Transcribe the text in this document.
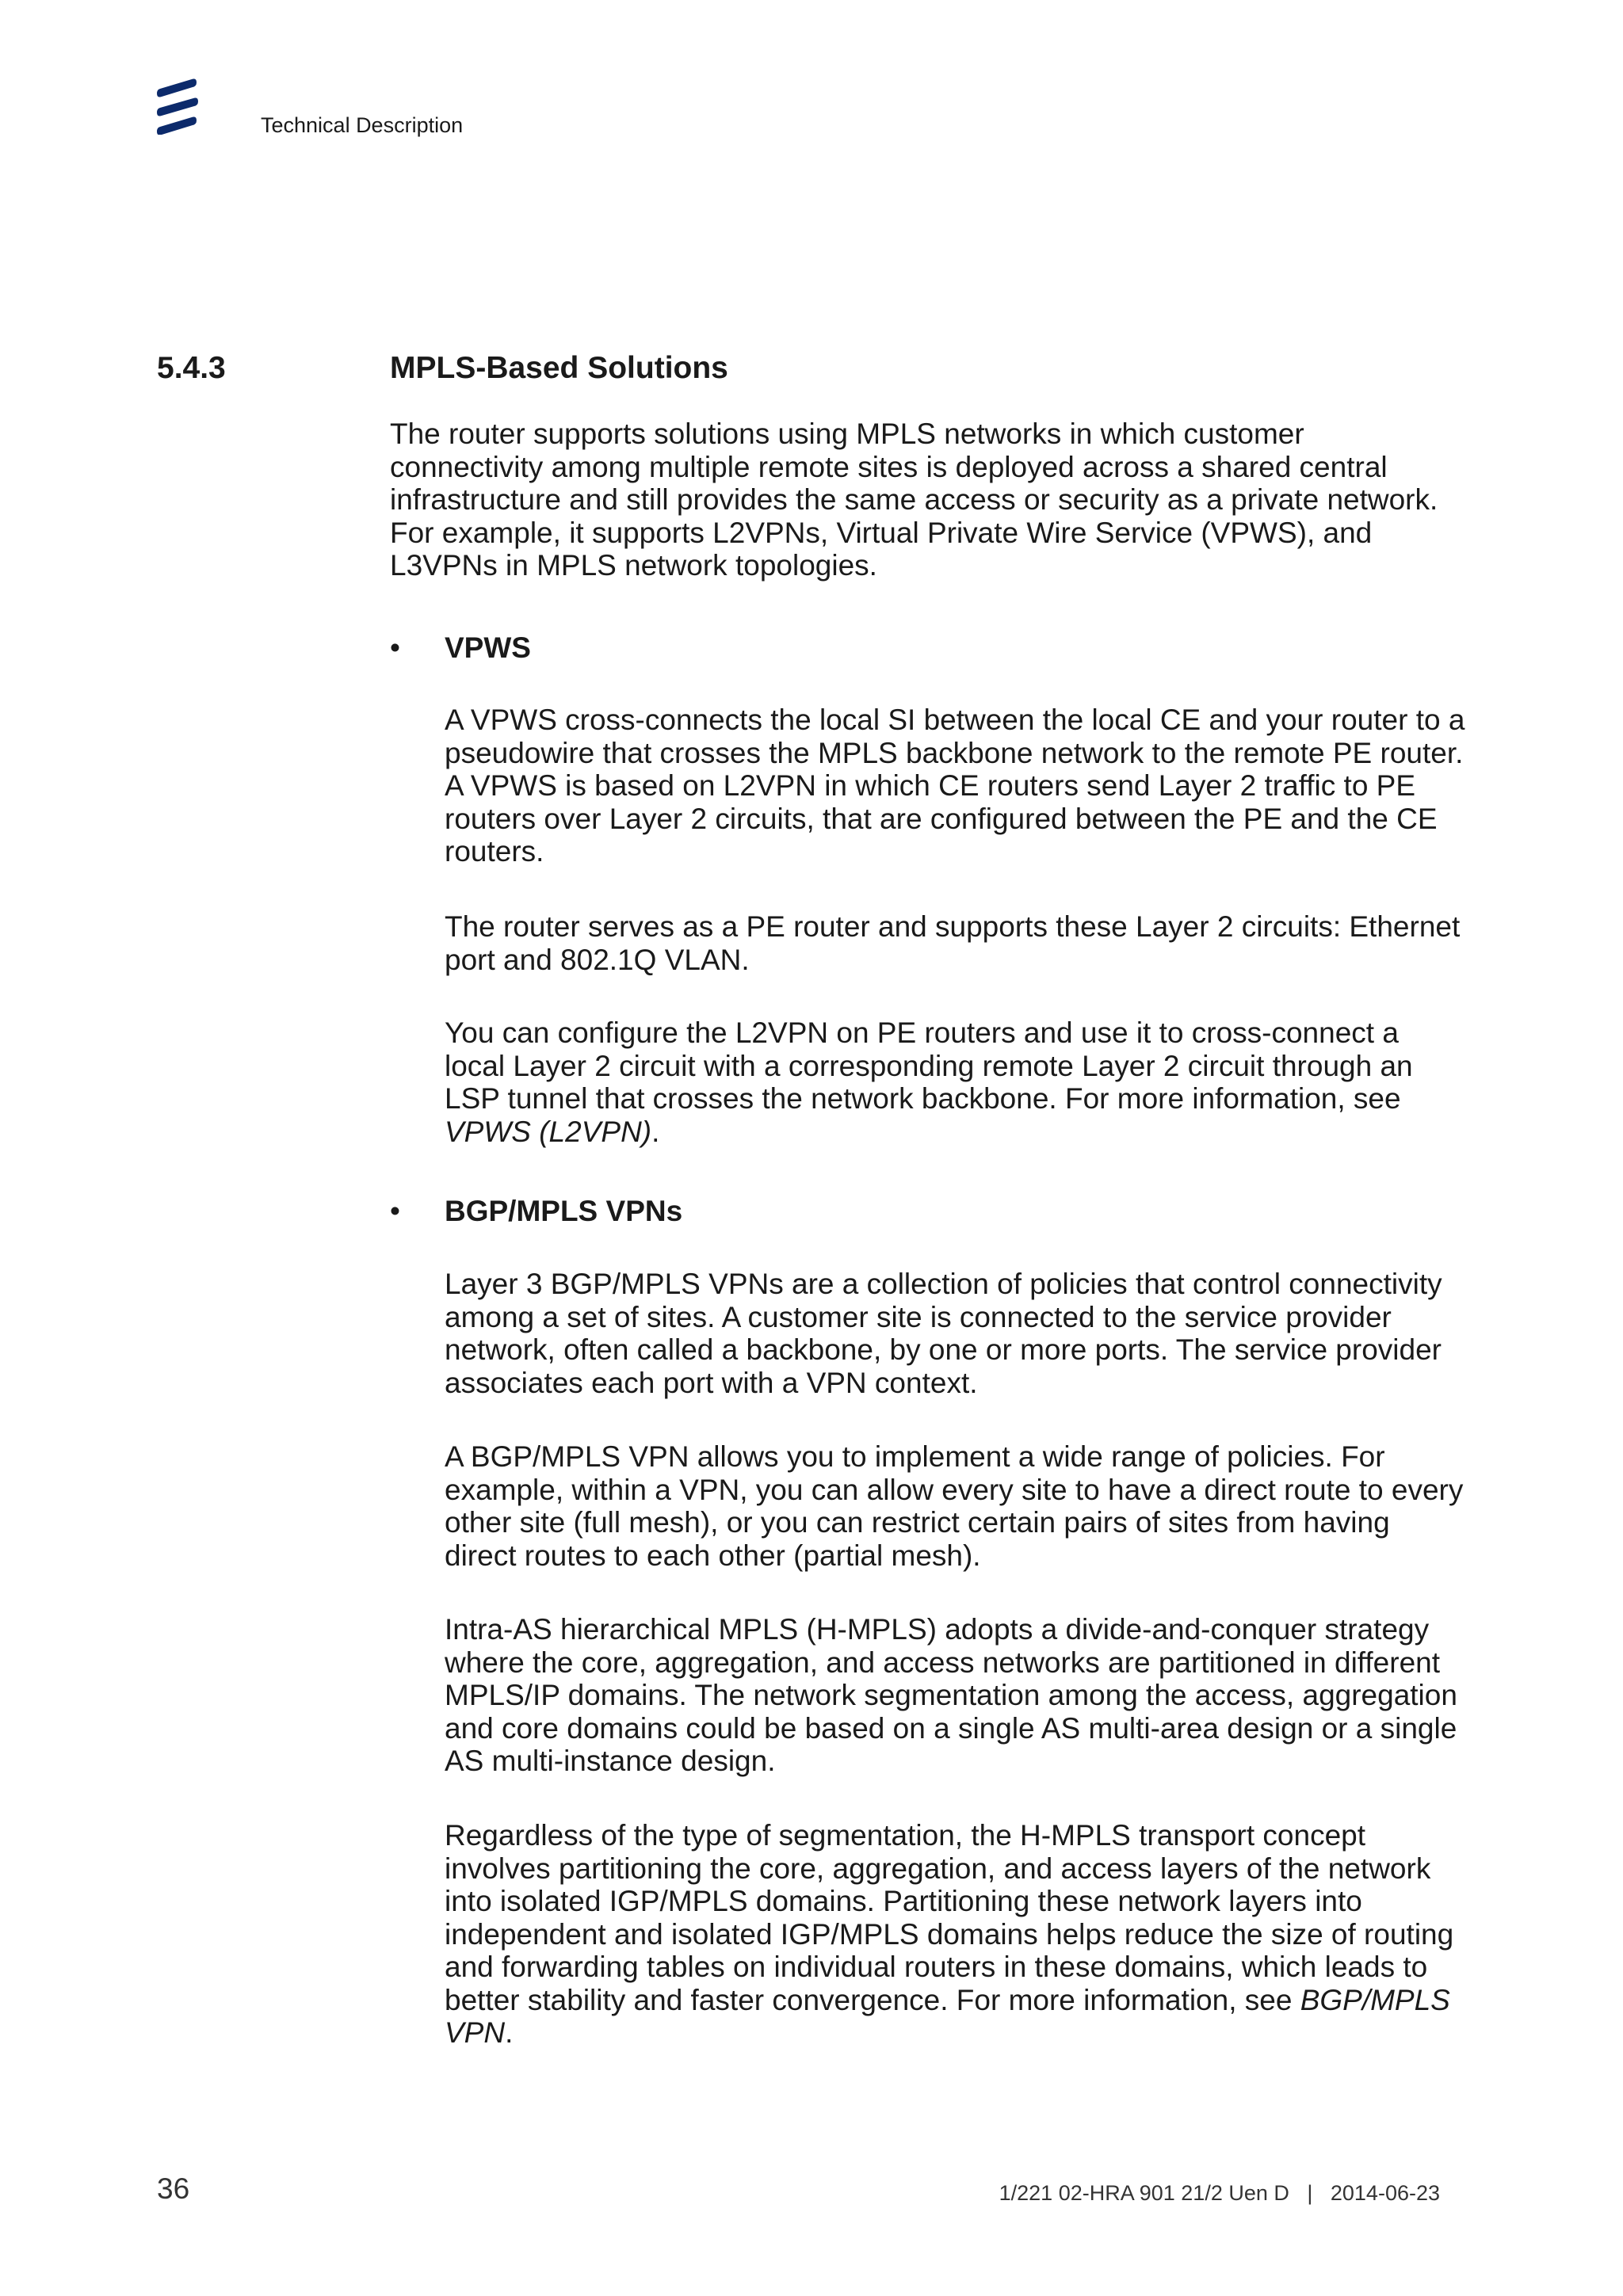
Technical Description
5.4.3	MPLS-Based Solutions

The router supports solutions using MPLS networks in which customer connectivity among multiple remote sites is deployed across a shared central infrastructure and still provides the same access or security as a private network. For example, it supports L2VPNs, Virtual Private Wire Service (VPWS), and L3VPNs in MPLS network topologies.

• VPWS

A VPWS cross-connects the local SI between the local CE and your router to a pseudowire that crosses the MPLS backbone network to the remote PE router. A VPWS is based on L2VPN in which CE routers send Layer 2 traffic to PE routers over Layer 2 circuits, that are configured between the PE and the CE routers.

The router serves as a PE router and supports these Layer 2 circuits: Ethernet port and 802.1Q VLAN.

You can configure the L2VPN on PE routers and use it to cross-connect a local Layer 2 circuit with a corresponding remote Layer 2 circuit through an LSP tunnel that crosses the network backbone. For more information, see VPWS (L2VPN).

• BGP/MPLS VPNs

Layer 3 BGP/MPLS VPNs are a collection of policies that control connectivity among a set of sites. A customer site is connected to the service provider network, often called a backbone, by one or more ports. The service provider associates each port with a VPN context.

A BGP/MPLS VPN allows you to implement a wide range of policies. For example, within a VPN, you can allow every site to have a direct route to every other site (full mesh), or you can restrict certain pairs of sites from having direct routes to each other (partial mesh).

Intra-AS hierarchical MPLS (H-MPLS) adopts a divide-and-conquer strategy where the core, aggregation, and access networks are partitioned in different MPLS/IP domains. The network segmentation among the access, aggregation and core domains could be based on a single AS multi-area design or a single AS multi-instance design.

Regardless of the type of segmentation, the H-MPLS transport concept involves partitioning the core, aggregation, and access layers of the network into isolated IGP/MPLS domains. Partitioning these network layers into independent and isolated IGP/MPLS domains helps reduce the size of routing and forwarding tables on individual routers in these domains, which leads to better stability and faster convergence. For more information, see BGP/MPLS VPN.

36	1/221 02-HRA 901 21/2 Uen D   |   2014-06-23
